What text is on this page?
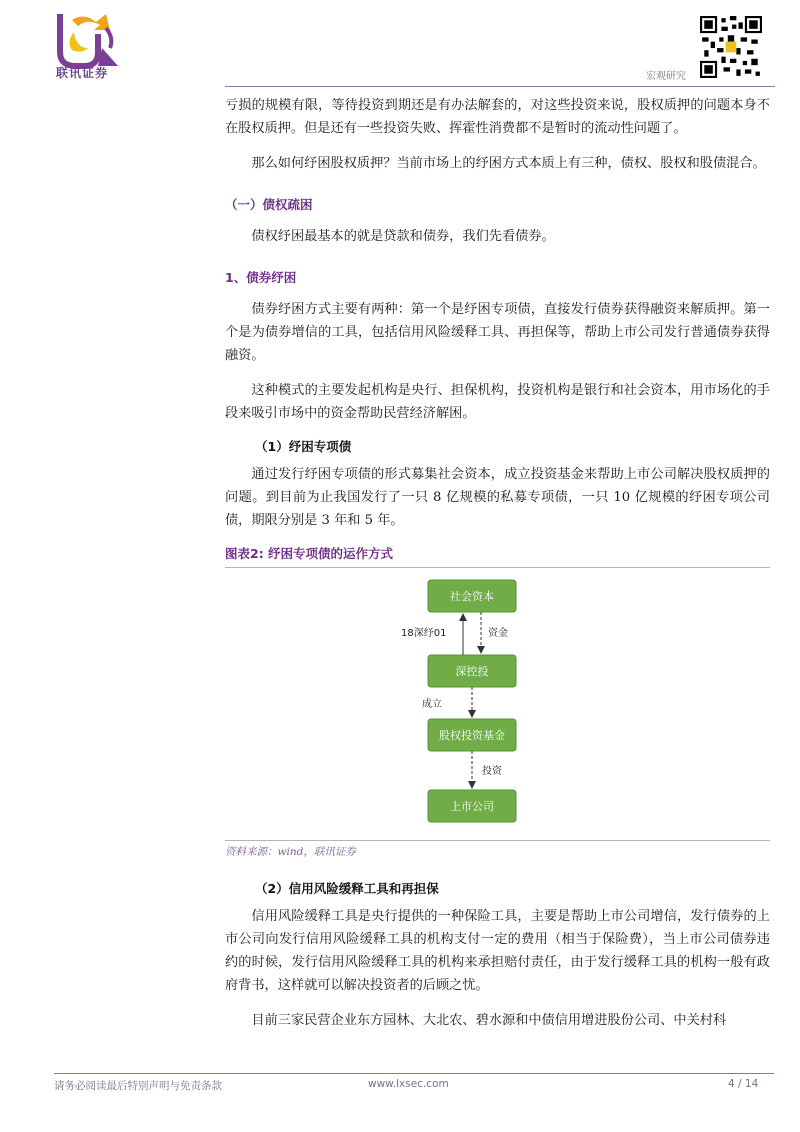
联讯证券	宏观研究

亏损的规模有限，等待投资到期还是有办法解套的，对这些投资来说，股权质押的问题本身不在股权质押。但是还有一些投资失败、挥霍性消费都不是暂时的流动性问题了。

那么如何纾困股权质押？当前市场上的纾困方式本质上有三种，债权、股权和股债混合。

（一）债权疏困

债权纾困最基本的就是贷款和债券，我们先看债券。

1、债券纾困

债券纾困方式主要有两种：第一个是纾困专项债，直接发行债券获得融资来解质押。第一个是为债券增信的工具，包括信用风险缓释工具、再担保等，帮助上市公司发行普通债券获得融资。

这种模式的主要发起机构是央行、担保机构，投资机构是银行和社会资本，用市场化的手段来吸引市场中的资金帮助民营经济解困。

（1）纾困专项债

通过发行纾困专项债的形式募集社会资本，成立投资基金来帮助上市公司解决股权质押的问题。到目前为止我国发行了一只 8 亿规模的私募专项债，一只 10 亿规模的纾困专项公司债，期限分别是 3 年和 5 年。

图表2: 纾困专项债的运作方式
社会资本
深控投
股权投资基金
上市公司
18深纾01	资金
成立
投资
资料来源：wind，联讯证券
（2）信用风险缓释工具和再担保

信用风险缓释工具是央行提供的一种保险工具，主要是帮助上市公司增信，发行债券的上市公司向发行信用风险缓释工具的机构支付一定的费用（相当于保险费），当上市公司债券违约的时候，发行信用风险缓释工具的机构来承担赔付责任，由于发行缓释工具的机构一般有政府背书，这样就可以解决投资者的后顾之忧。

目前三家民营企业东方园林、大北农、碧水源和中债信用增进股份公司、中关村科

请务必阅读最后特别声明与免责条款	www.lxsec.com	4 / 14
